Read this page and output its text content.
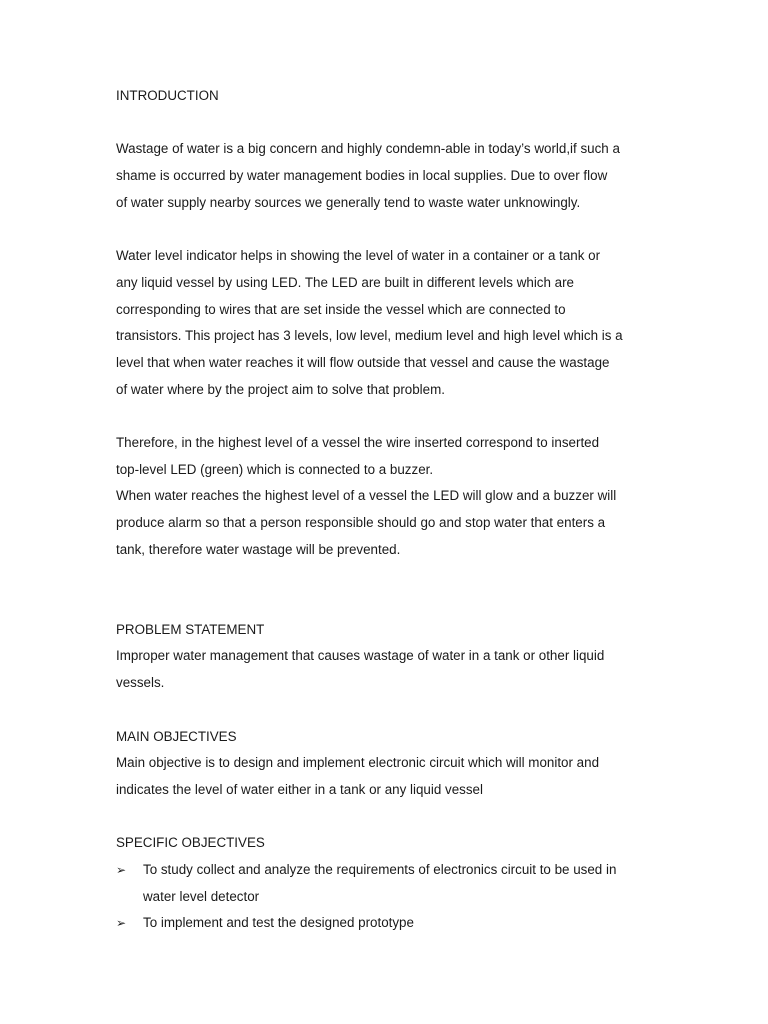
INTRODUCTION
Wastage of water is a big concern and highly condemn-able in today’s world,if such a
shame is occurred by water management bodies in local supplies. Due to over flow
of water supply nearby sources we generally tend to waste water unknowingly.
Water level indicator helps in showing the level of water in a container or a tank or
any liquid vessel by using LED. The LED are built in different levels which are
corresponding to wires that are set inside the vessel which are connected to
transistors. This project has 3 levels, low level, medium level and high level which is a
level that when water reaches it will flow outside that vessel and cause the wastage
of water where by the project aim to solve that problem.
Therefore, in the highest level of a vessel the wire inserted correspond to inserted
top-level LED (green) which is connected to a buzzer.
When water reaches the highest level of a vessel the LED will glow and a buzzer will
produce alarm so that a person responsible should go and stop water that enters a
tank, therefore water wastage will be prevented.
PROBLEM STATEMENT
Improper water management that causes wastage of water in a tank or other liquid
vessels.
MAIN OBJECTIVES
Main objective is to design and implement electronic circuit which will monitor and
indicates the level of water either in a tank or any liquid vessel
SPECIFIC OBJECTIVES
➢ To study collect and analyze the requirements of electronics circuit to be used in
water level detector
➢ To implement and test the designed prototype
